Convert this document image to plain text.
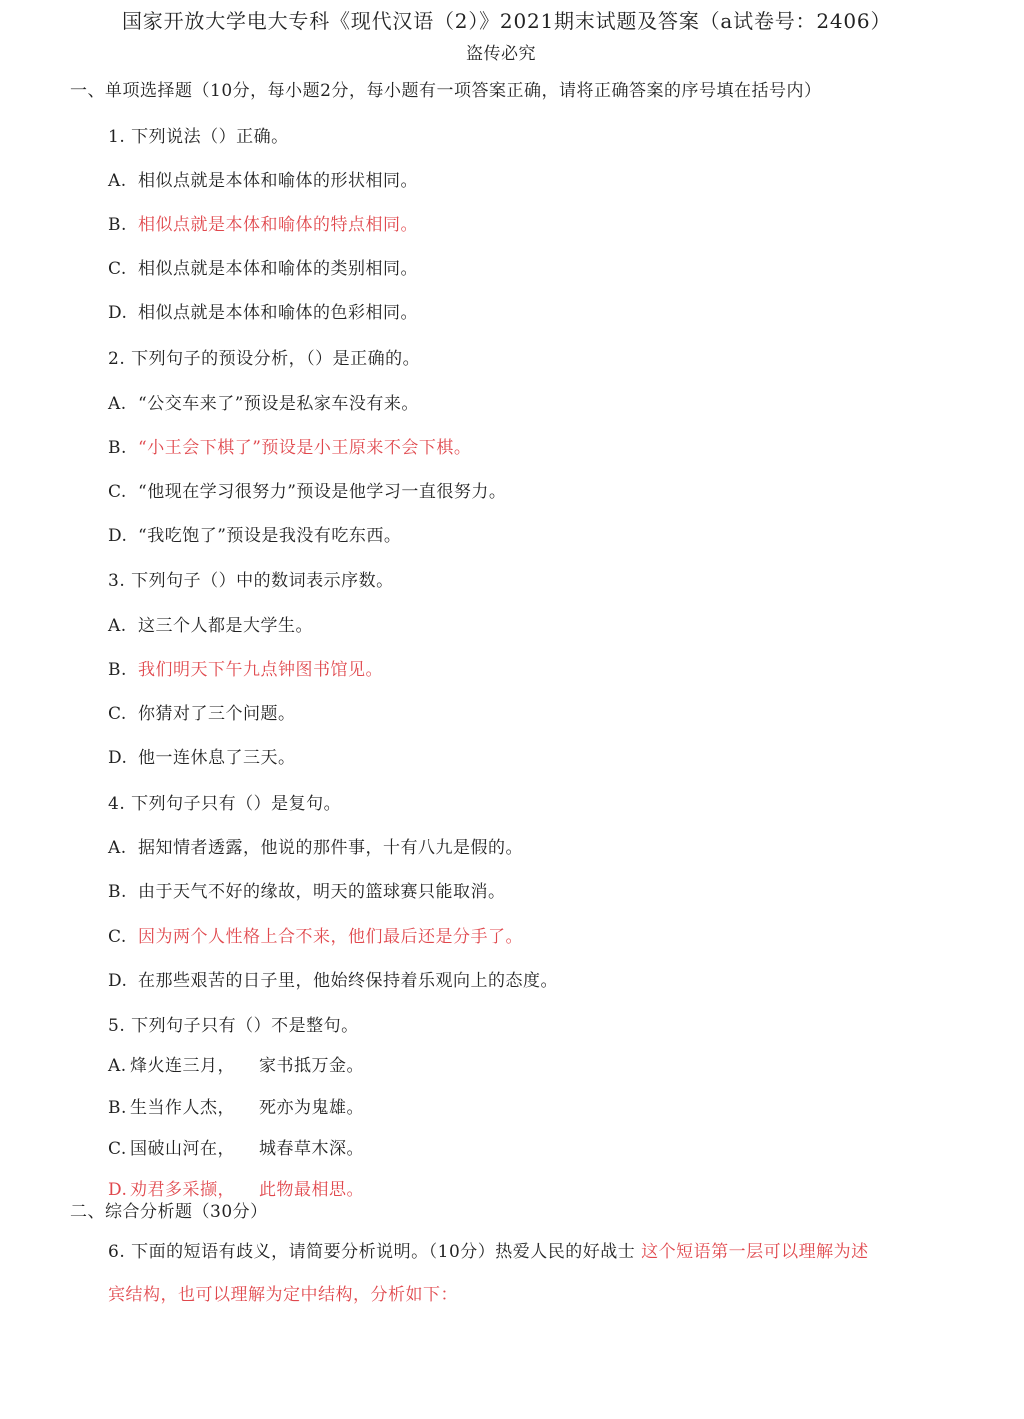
国家开放大学电大专科《现代汉语（2）》2021期末试题及答案（a试卷号：2406）
盗传必究
一、单项选择题（10分，每小题2分，每小题有一项答案正确，请将正确答案的序号填在括号内）
1. 下列说法（）正确。
A. 相似点就是本体和喻体的形状相同。
B. 相似点就是本体和喻体的特点相同。
C. 相似点就是本体和喻体的类别相同。
D. 相似点就是本体和喻体的色彩相同。
2. 下列句子的预设分析，（）是正确的。
A. “公交车来了”预设是私家车没有来。
B. “小王会下棋了”预设是小王原来不会下棋。
C. “他现在学习很努力”预设是他学习一直很努力。
D. “我吃饱了”预设是我没有吃东西。
3. 下列句子（）中的数词表示序数。
A. 这三个人都是大学生。
B. 我们明天下午九点钟图书馆见。
C. 你猜对了三个问题。
D. 他一连休息了三天。
4. 下列句子只有（）是复句。
A. 据知情者透露，他说的那件事，十有八九是假的。
B. 由于天气不好的缘故，明天的篮球赛只能取消。
C. 因为两个人性格上合不来，他们最后还是分手了。
D. 在那些艰苦的日子里，他始终保持着乐观向上的态度。
5. 下列句子只有（）不是整句。
A. 烽火连三月， 家书抵万金。
B. 生当作人杰， 死亦为鬼雄。
C. 国破山河在， 城春草木深。
D. 劝君多采撷， 此物最相思。
二、综合分析题（30分）
6. 下面的短语有歧义，请简要分析说明。（10分）热爱人民的好战士 这个短语第一层可以理解为述
宾结构，也可以理解为定中结构，分析如下：
